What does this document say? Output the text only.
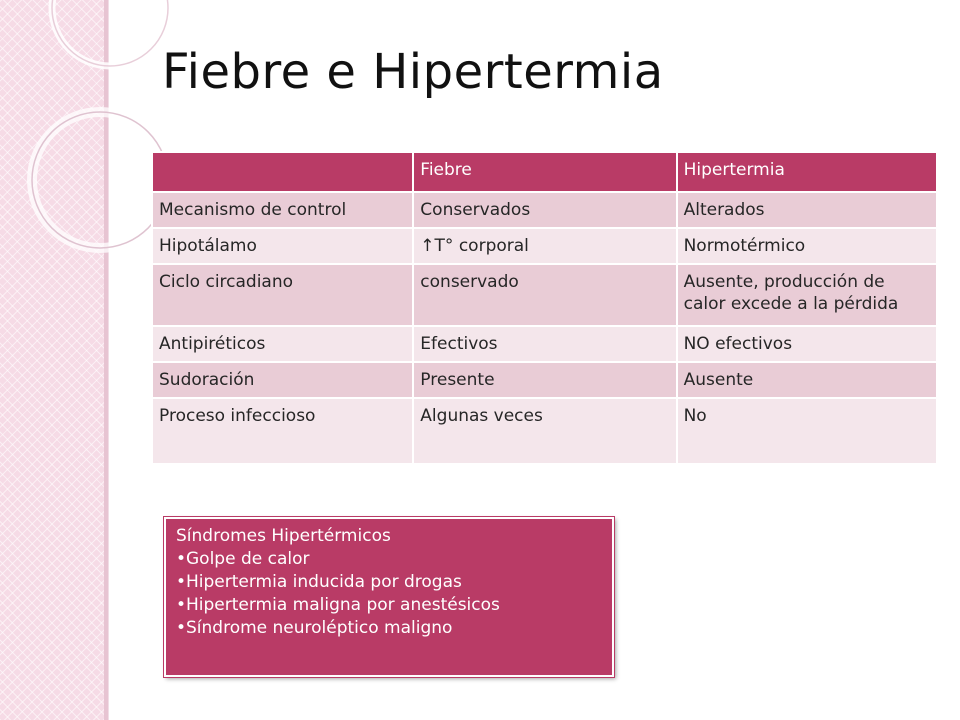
Fiebre e Hipertermia
	Fiebre	Hipertermia
Mecanismo de control	Conservados	Alterados
Hipotálamo	↑T° corporal	Normotérmico
Ciclo circadiano	conservado	Ausente, producción de calor excede a la pérdida
Antipiréticos	Efectivos	NO efectivos
Sudoración	Presente	Ausente
Proceso infeccioso	Algunas veces	No
Síndromes Hipertérmicos
•Golpe de calor
•Hipertermia inducida por drogas
•Hipertermia maligna por anestésicos
•Síndrome neuroléptico maligno
